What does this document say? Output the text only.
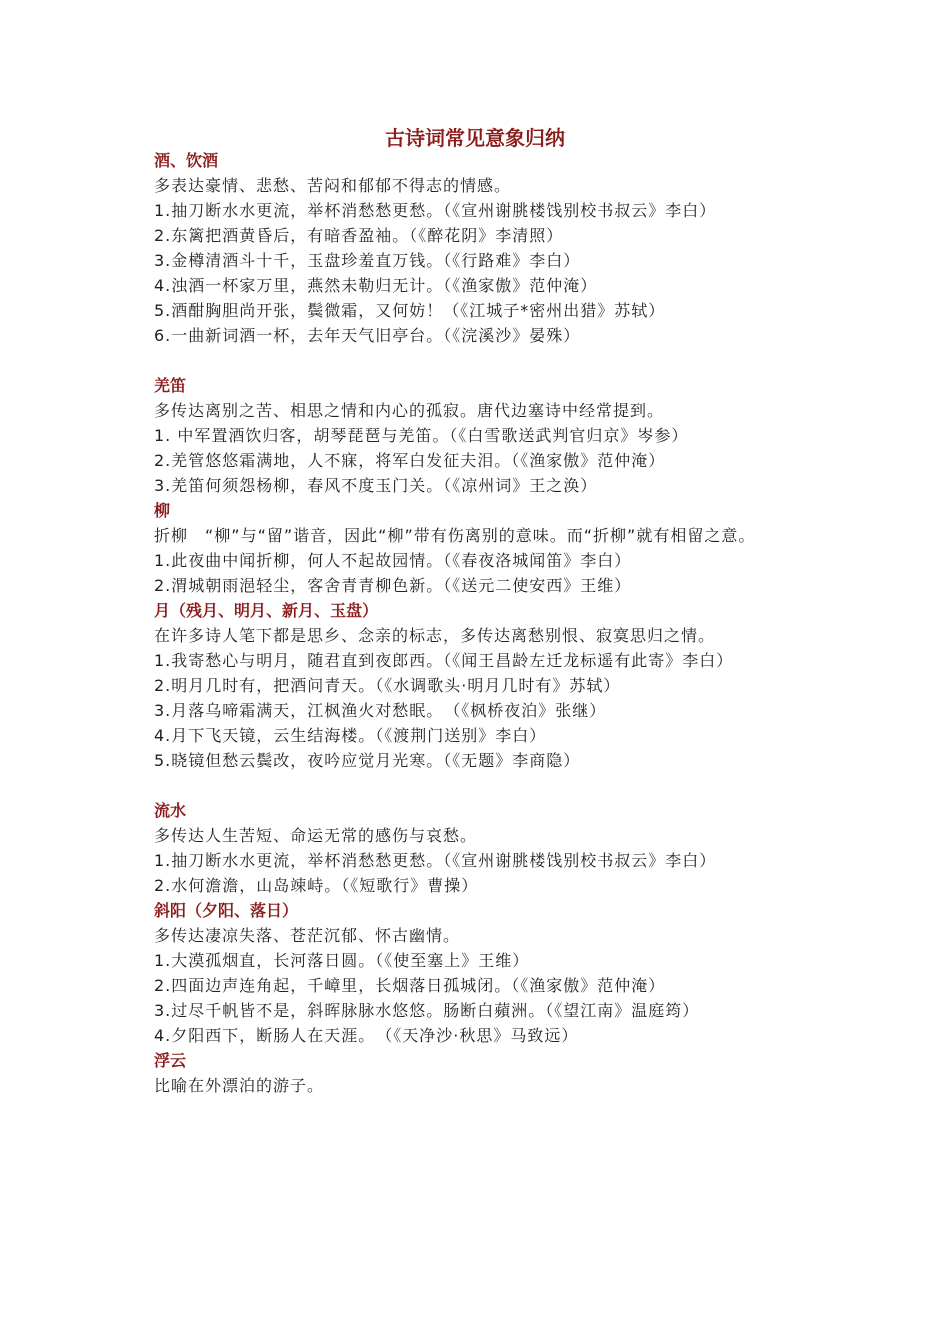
古诗词常见意象归纳
酒、饮酒
多表达豪情、悲愁、苦闷和郁郁不得志的情感。
1.抽刀断水水更流，举杯消愁愁更愁。（《宣州谢朓楼饯别校书叔云》李白）
2.东篱把酒黄昏后，有暗香盈袖。（《醉花阴》李清照）
3.金樽清酒斗十千，玉盘珍羞直万钱。（《行路难》李白）
4.浊酒一杯家万里，燕然未勒归无计。（《渔家傲》范仲淹）
5.酒酣胸胆尚开张，鬓微霜，又何妨！（《江城子*密州出猎》苏轼）
6.一曲新词酒一杯，去年天气旧亭台。（《浣溪沙》晏殊）
羌笛
多传达离别之苦、相思之情和内心的孤寂。唐代边塞诗中经常提到。
1. 中军置酒饮归客，胡琴琵琶与羌笛。（《白雪歌送武判官归京》岑参）
2.羌管悠悠霜满地，人不寐，将军白发征夫泪。（《渔家傲》范仲淹）
3.羌笛何须怨杨柳，春风不度玉门关。（《凉州词》王之涣）
柳
折柳　“柳”与“留”谐音，因此“柳”带有伤离别的意味。而“折柳”就有相留之意。
1.此夜曲中闻折柳，何人不起故园情。（《春夜洛城闻笛》李白）
2.渭城朝雨浥轻尘，客舍青青柳色新。（《送元二使安西》王维）
月（残月、明月、新月、玉盘）
在许多诗人笔下都是思乡、念亲的标志，多传达离愁别恨、寂寞思归之情。
1.我寄愁心与明月，随君直到夜郎西。（《闻王昌龄左迁龙标遥有此寄》李白）
2.明月几时有，把酒问青天。（《水调歌头·明月几时有》苏轼）
3.月落乌啼霜满天，江枫渔火对愁眠。　（《枫桥夜泊》张继）
4.月下飞天镜，云生结海楼。（《渡荆门送别》李白）
5.晓镜但愁云鬓改，夜吟应觉月光寒。（《无题》李商隐）
流水
多传达人生苦短、命运无常的感伤与哀愁。
1.抽刀断水水更流，举杯消愁愁更愁。（《宣州谢朓楼饯别校书叔云》李白）
2.水何澹澹，山岛竦峙。（《短歌行》曹操）
斜阳（夕阳、落日）
多传达凄凉失落、苍茫沉郁、怀古幽情。
1.大漠孤烟直，长河落日圆。（《使至塞上》王维）
2.四面边声连角起，千嶂里，长烟落日孤城闭。（《渔家傲》范仲淹）
3.过尽千帆皆不是，斜晖脉脉水悠悠。肠断白蘋洲。（《望江南》温庭筠）
4.夕阳西下，断肠人在天涯。　（《天净沙·秋思》马致远）
浮云
比喻在外漂泊的游子。
